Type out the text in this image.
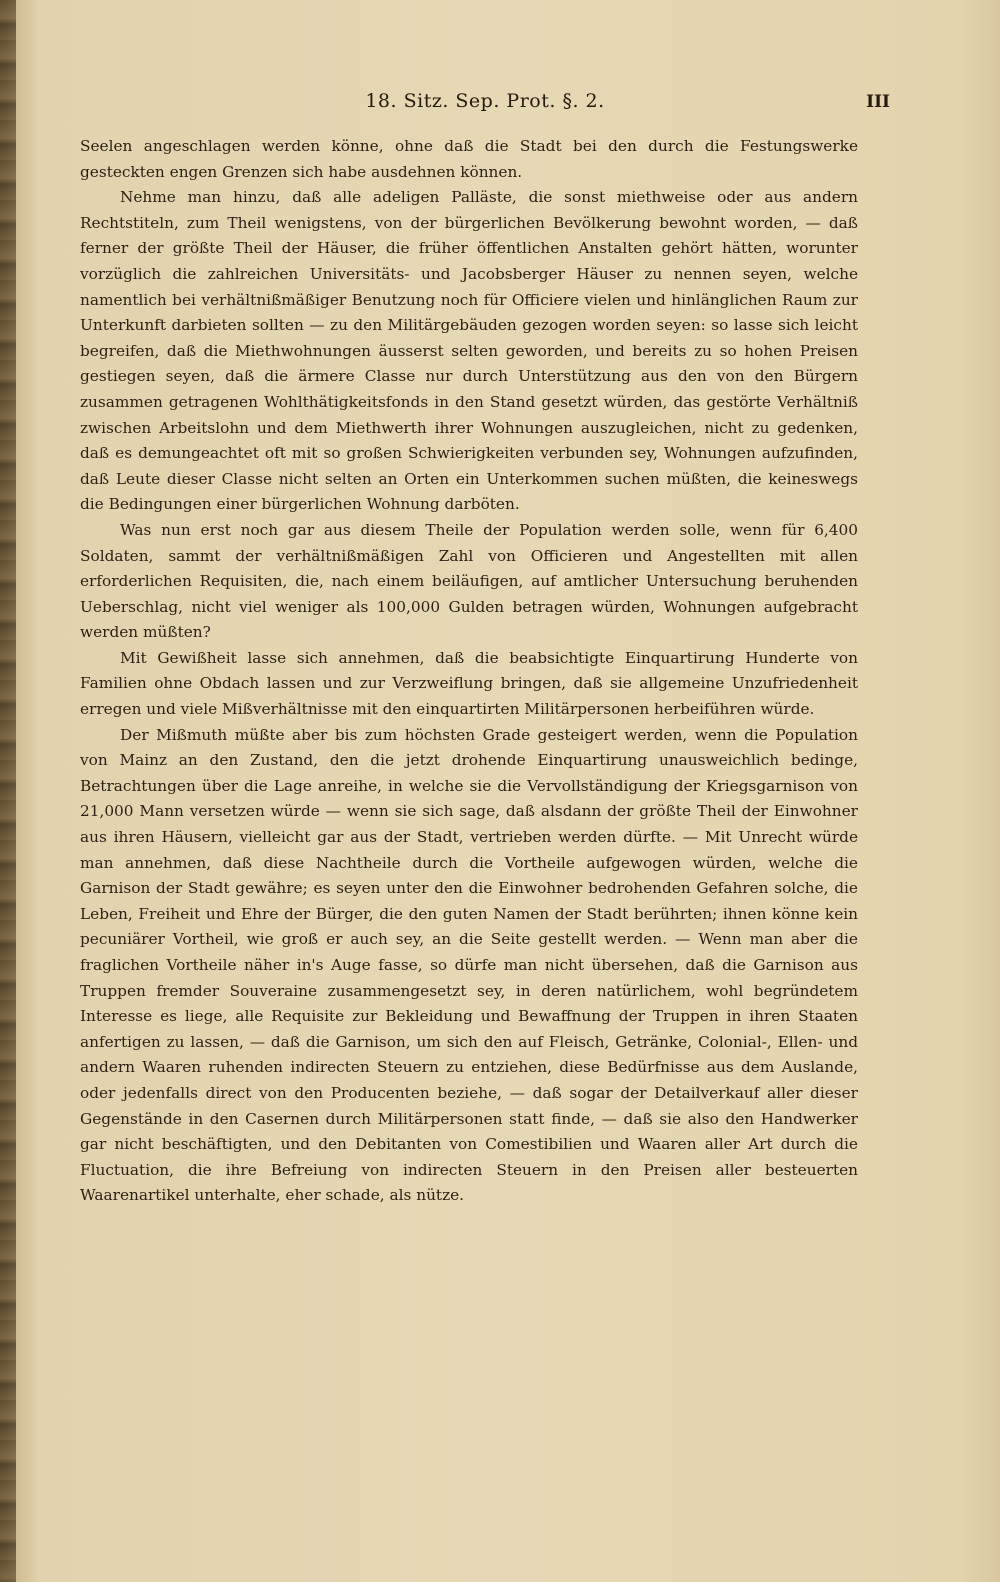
18. Sitz. Sep. Prot. §. 2.	III

Seelen angeschlagen werden könne, ohne daß die Stadt bei den durch die Festungswerke gesteckten engen Grenzen sich habe ausdehnen können.

Nehme man hinzu, daß alle adeligen Palläste, die sonst miethweise oder aus andern Rechtstiteln, zum Theil wenigstens, von der bürgerlichen Bevölkerung bewohnt worden, — daß ferner der größte Theil der Häuser, die früher öffentlichen Anstalten gehört hätten, worunter vorzüglich die zahlreichen Universitäts- und Jacobsberger Häuser zu nennen seyen, welche namentlich bei verhältnißmäßiger Benutzung noch für Officiere vielen und hinlänglichen Raum zur Unterkunft darbieten sollten — zu den Militärgebäuden gezogen worden seyen: so lasse sich leicht begreifen, daß die Miethwohnungen äusserst selten geworden, und bereits zu so hohen Preisen gestiegen seyen, daß die ärmere Classe nur durch Unterstützung aus den von den Bürgern zusammen getragenen Wohlthätigkeitsfonds in den Stand gesetzt würden, das gestörte Verhältniß zwischen Arbeitslohn und dem Miethwerth ihrer Wohnungen auszugleichen, nicht zu gedenken, daß es demungeachtet oft mit so großen Schwierigkeiten verbunden sey, Wohnungen aufzufinden, daß Leute dieser Classe nicht selten an Orten ein Unterkommen suchen müßten, die keineswegs die Bedingungen einer bürgerlichen Wohnung darböten.

Was nun erst noch gar aus diesem Theile der Population werden solle, wenn für 6,400 Soldaten, sammt der verhältnißmäßigen Zahl von Officieren und Angestellten mit allen erforderlichen Requisiten, die, nach einem beiläufigen, auf amtlicher Untersuchung beruhenden Ueberschlag, nicht viel weniger als 100,000 Gulden betragen würden, Wohnungen aufgebracht werden müßten?

Mit Gewißheit lasse sich annehmen, daß die beabsichtigte Einquartirung Hunderte von Familien ohne Obdach lassen und zur Verzweiflung bringen, daß sie allgemeine Unzufriedenheit erregen und viele Mißverhältnisse mit den einquartirten Militärpersonen herbeiführen würde.

Der Mißmuth müßte aber bis zum höchsten Grade gesteigert werden, wenn die Population von Mainz an den Zustand, den die jetzt drohende Einquartirung unausweichlich bedinge, Betrachtungen über die Lage anreihe, in welche sie die Vervollständigung der Kriegsgarnison von 21,000 Mann versetzen würde — wenn sie sich sage, daß alsdann der größte Theil der Einwohner aus ihren Häusern, vielleicht gar aus der Stadt, vertrieben werden dürfte. — Mit Unrecht würde man annehmen, daß diese Nachtheile durch die Vortheile aufgewogen würden, welche die Garnison der Stadt gewähre; es seyen unter den die Einwohner bedrohenden Gefahren solche, die Leben, Freiheit und Ehre der Bürger, die den guten Namen der Stadt berührten; ihnen könne kein pecuniärer Vortheil, wie groß er auch sey, an die Seite gestellt werden. — Wenn man aber die fraglichen Vortheile näher in's Auge fasse, so dürfe man nicht übersehen, daß die Garnison aus Truppen fremder Souveraine zusammengesetzt sey, in deren natürlichem, wohl begründetem Interesse es liege, alle Requisite zur Bekleidung und Bewaffnung der Truppen in ihren Staaten anfertigen zu lassen, — daß die Garnison, um sich den auf Fleisch, Getränke, Colonial-, Ellen- und andern Waaren ruhenden indirecten Steuern zu entziehen, diese Bedürfnisse aus dem Auslande, oder jedenfalls direct von den Producenten beziehe, — daß sogar der Detailverkauf aller dieser Gegenstände in den Casernen durch Militärpersonen statt finde, — daß sie also den Handwerker gar nicht beschäftigten, und den Debitanten von Comestibilien und Waaren aller Art durch die Fluctuation, die ihre Befreiung von indirecten Steuern in den Preisen aller besteuerten Waarenartikel unterhalte, eher schade, als nütze.
